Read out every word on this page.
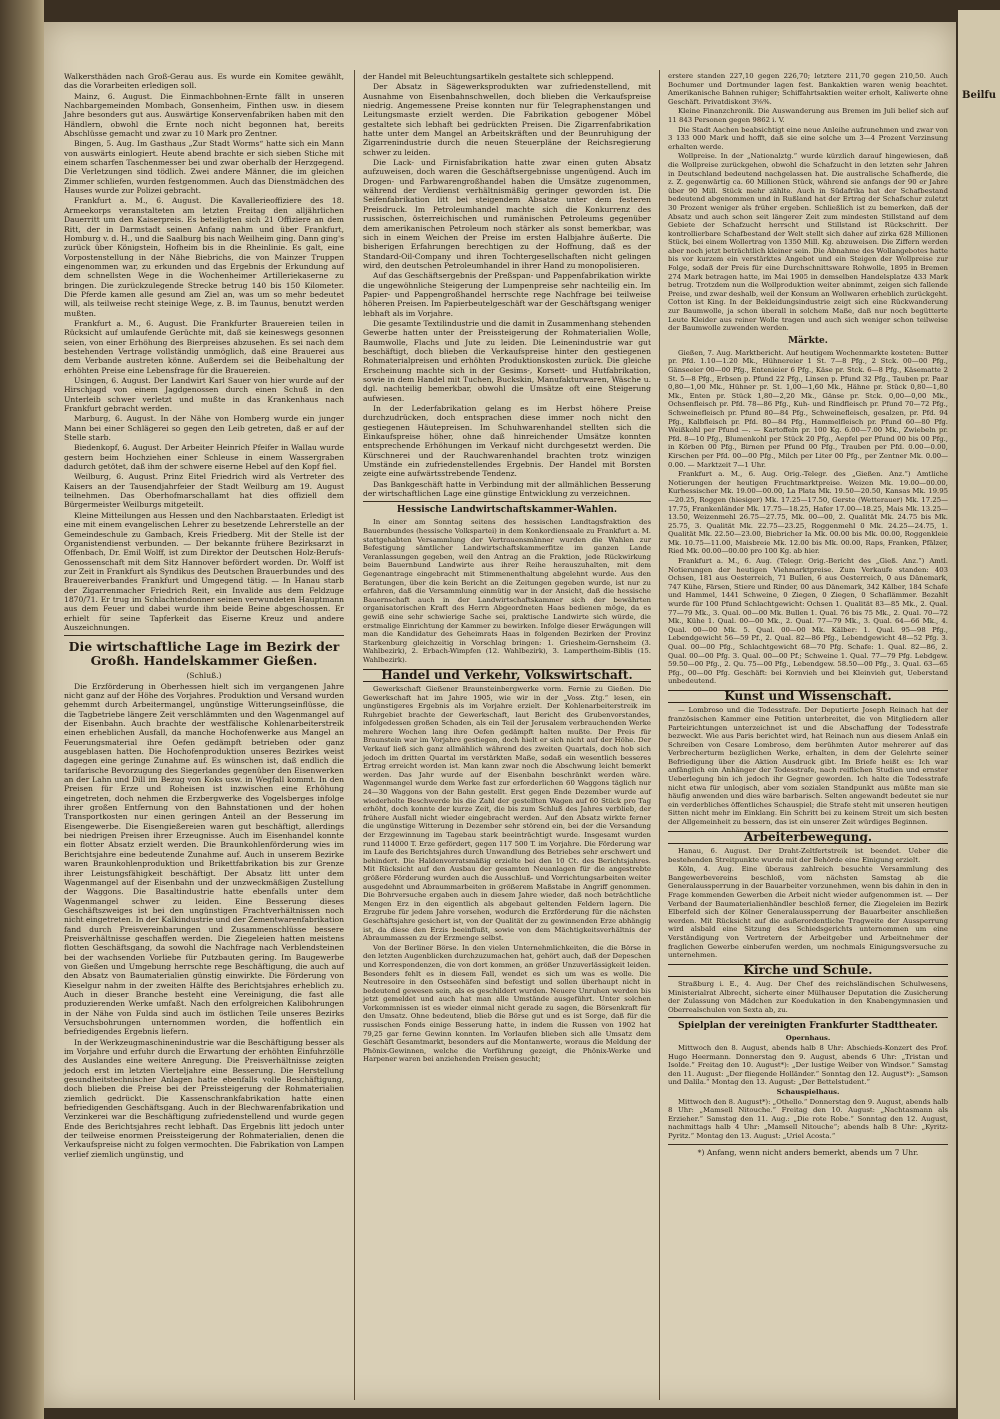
Walkersthäden nach Groß-Gerau aus. Es wurde ein Komitee gewählt, das die Vorarbeiten erledigen soll.

Mainz, 6. August. Die Einmachbohnen-Ernte fällt in unseren Nachbargemeinden Mombach, Gonsenheim, Finthen usw. in diesem Jahre besonders gut aus. Auswärtige Konservenfabriken haben mit den Händlern, obwohl die Ernte noch nicht begonnen hat, bereits Abschlüsse gemacht und zwar zu 10 Mark pro Zentner.

Bingen, 5. Aug. Im Gasthaus „Zur Stadt Worms“ hatte sich ein Mann von auswärts einlogiert. Heute abend brachte er sich sieben Stiche mit einem scharfen Taschenmesser bei und zwar oberhalb der Herzgegend. Die Verletzungen sind tödlich. Zwei andere Männer, die im gleichen Zimmer schliefen, wurden festgenommen. Auch das Dienstmädchen des Hauses wurde zur Polizei gebracht.

Frankfurt a. M., 6. August. Die Kavallerieoffiziere des 18. Armeekorps veranstalteten am letzten Freitag den alljährlichen Dauerritt um den Kaiserpreis. Es beteiligten sich 21 Offiziere an dem Ritt, der in Darmstadt seinen Anfang nahm und über Frankfurt, Homburg v. d. H., und die Saalburg bis nach Weilheim ging. Dann ging's zurück über Königstein, Hofheim bis in die Rheinlinie. Es galt, eine Vorpostenstellung in der Nähe Biebrichs, die von Mainzer Truppen eingenommen war, zu erkunden und das Ergebnis der Erkundung auf dem schnellsten Wege in die Wochenheimer Artilleriekaserne zu bringen. Die zurückzulegende Strecke betrug 140 bis 150 Kilometer. Die Pferde kamen alle gesund am Ziel an, was um so mehr bedeutet will, als teilweise recht steinige Wege, z. B. im Taunus, benutzt werden mußten.

Frankfurt a. M., 6. August. Die Frankfurter Brauereien teilen in Rücksicht auf umlaufende Gerüchte mit, daß sie keineswegs gesonnen seien, von einer Erhöhung des Bierpreises abzusehen. Es sei nach dem bestehenden Vertrage vollständig unmöglich, daß eine Brauerei aus dem Verbande austreten könne. Außerdem sei die Beibehaltung der erhöhten Preise eine Lebensfrage für die Brauereien.

Usingen, 6. August. Der Landwirt Karl Sauer von hier wurde auf der Hirschjagd von einem Jagdgenossen durch einen Schuß in den Unterleib schwer verletzt und mußte in das Krankenhaus nach Frankfurt gebracht werden.

Marburg, 6. August. In der Nähe von Homberg wurde ein junger Mann bei einer Schlägerei so gegen den Leib getreten, daß er auf der Stelle starb.

Biedenkopf, 6. August. Der Arbeiter Heinrich Pfeifer in Wallau wurde gestern beim Hochziehen einer Schleuse in einem Wassergraben dadurch getötet, daß ihm der schwere eiserne Hebel auf den Kopf fiel.

Weilburg, 6. August. Prinz Eitel Friedrich wird als Vertreter des Kaisers an der Tausendjahrfeier der Stadt Weilburg am 19. August teilnehmen. Das Oberhofmarschallamt hat dies offiziell dem Bürgermeister Weilburgs mitgeteilt.

Kleine Mitteilungen aus Hessen und den Nachbarstaaten. Erledigt ist eine mit einem evangelischen Lehrer zu besetzende Lehrerstelle an der Gemeindeschule zu Gambach, Kreis Friedberg. Mit der Stelle ist der Organistendienst verbunden. — Der bekannte frühere Bezirksarzt in Offenbach, Dr. Emil Wolff, ist zum Direktor der Deutschen Holz-Berufs-Genossenschaft mit dem Sitz Hannover befördert worden. Dr. Wolff ist zur Zeit in Frankfurt als Syndikus des Deutschen Brauerbundes und des Brauereiverbandes Frankfurt und Umgegend tätig. — In Hanau starb der Zigarrenmacher Friedrich Reit, ein Invalide aus dem Feldzuge 1870/71. Er trug im Schlachtendonner seinen verwundeten Hauptmann aus dem Feuer und dabei wurde ihm beide Beine abgeschossen. Er erhielt für seine Tapferkeit das Eiserne Kreuz und andere Auszeichnungen.

Die wirtschaftliche Lage im Bezirk der Großh. Handelskammer Gießen.

(Schluß.)

Die Erzförderung in Oberhessen hielt sich im vergangenen Jahre nicht ganz auf der Höhe des Vorjahres. Produktion und Versand wurden gehemmt durch Arbeitermangel, ungünstige Witterungseinflüsse, die die Tagbetriebe längere Zeit verschlämmten und den Wagenmangel auf der Eisenbahn. Auch brachte der westfälische Kohlenarbeiterstreik einen erheblichen Ausfall, da manche Hochofenwerke aus Mangel an Feuerungsmaterial ihre Oefen gedämpft betrieben oder ganz ausgeblasen hatten. Die Hochofenproduktion unseres Bezirkes weist dagegen eine geringe Zunahme auf. Es wünschen ist, daß endlich die tarifarische Bevorzugung des Siegerlandes gegenüber den Eisenwerken an der Lahn und Dill im Bezug von Koks usw. in Wegfall kommt. In den Preisen für Erze und Roheisen ist inzwischen eine Erhöhung eingetreten, doch nehmen die Erzbergwerke des Vogelsberges infolge ihrer großen Entfernung von den Bahnstationen und der hohen Transportkosten nur einen geringen Anteil an der Besserung im Eisengewerbe. Die Eisengießereien waren gut beschäftigt, allerdings bei niedrigen Preisen ihrer Erzeugnisse. Auch im Eisenhandel konnte ein flotter Absatz erzielt werden. Die Braunkohlenförderung wies im Berichtsjahre eine bedeutende Zunahme auf. Auch in unserem Bezirke waren Braunkohlenproduktion und Brikettfabrikation bis zur Grenze ihrer Leistungsfähigkeit beschäftigt. Der Absatz litt unter dem Wagenmangel auf der Eisenbahn und der unzweckmäßigen Zustellung der Waggons. Die Basaltindustrie hatte ebenfalls unter dem Wagenmangel schwer zu leiden. Eine Besserung dieses Geschäftszweiges ist bei den ungünstigen Frachtverhältnissen noch nicht eingetreten. In der Kalkindustrie und der Zementwarenfabrikation fand durch Preisvereinbarungen und Zusammenschlüsse bessere Preisverhältnisse geschaffen werden. Die Ziegeleien hatten meistens flotten Geschäftsgang, da sowohl die Nachfrage nach Verblendsteinen bei der wachsenden Vorliebe für Putzbauten gering. Im Baugewerbe von Gießen und Umgebung herrschte rege Beschäftigung, die auch auf den Absatz von Baumaterialien günstig einwirkte. Die Förderung von Kieselgur nahm in der zweiten Hälfte des Berichtsjahres erheblich zu. Auch in dieser Branche besteht eine Vereinigung, die fast alle produzierenden Werke umfaßt. Nach den erfolgreichen Kalibohrungen in der Nähe von Fulda sind auch im östlichen Teile unseres Bezirks Versuchsbohrungen unternommen worden, die hoffentlich ein befriedigendes Ergebnis liefern.

In der Werkzeugmaschinenindustrie war die Beschäftigung besser als im Vorjahre und erfuhr durch die Erwartung der erhöhten Einfuhrzölle des Auslandes eine weitere Anregung. Die Preisverhältnisse zeigten jedoch erst im letzten Vierteljahre eine Besserung. Die Herstellung gesundheitstechnischer Anlagen hatte ebenfalls volle Beschäftigung, doch blieben die Preise bei der Preissteigerung der Rohmaterialien ziemlich gedrückt. Die Kassenschrankfabrikation hatte einen befriedigenden Geschäftsgang. Auch in der Blechwarenfabrikation und Verzinkerei war die Beschäftigung zufriedenstellend und wurde gegen Ende des Berichtsjahres recht lebhaft. Das Ergebnis litt jedoch unter der teilweise enormen Preissteigerung der Rohmaterialien, denen die Verkaufspreise nicht zu folgen vermochten. Die Fabrikation von Lampen verlief ziemlich ungünstig, und

der Handel mit Beleuchtungsartikeln gestaltete sich schleppend.

Der Absatz in Sägewerksprodukten war zufriedenstellend, mit Ausnahme von Eisenbahnschwellen, doch blieben die Verkaufspreise niedrig. Angemessene Preise konnten nur für Telegraphenstangen und Leitungsmaste erzielt werden. Die Fabrikation gebogener Möbel gestaltete sich lebhaft bei gedrückten Preisen. Die Zigarrenfabrikation hatte unter dem Mangel an Arbeitskräften und der Beunruhigung der Zigarrenindustrie durch die neuen Steuerpläne der Reichsregierung schwer zu leiden.

Die Lack- und Firnisfabrikation hatte zwar einen guten Absatz aufzuweisen, doch waren die Geschäftsergebnisse ungenügend. Auch im Drogen- und Farbwarengroßhandel haben die Umsätze zugenommen, während der Verdienst verhältnismäßig geringer geworden ist. Die Seifenfabrikation litt bei steigendem Absatze unter dem festeren Preisdruck. Im Petroleumhandel machte sich die Konkurrenz des russischen, österreichischen und rumänischen Petroleums gegenüber dem amerikanischen Petroleum noch stärker als sonst bemerkbar, was sich in einem Weichen der Preise im ersten Halbjahre äußerte. Die bisherigen Erfahrungen berechtigen zu der Hoffnung, daß es der Standard-Oil-Company und ihren Tochtergesellschaften nicht gelingen wird, den deutschen Petroleumhandel in ihrer Hand zu monopolisieren.

Auf das Geschäftsergebnis der Preßspan- und Pappenfabrikation wirkte die ungewöhnliche Steigerung der Lumpenpreise sehr nachteilig ein. Im Papier- und Pappengroßhandel herrschte rege Nachfrage bei teilweise höheren Preisen. Im Papierbeutelgeschäft war der Geschäftsgang weniger lebhaft als im Vorjahre.

Die gesamte Textilindustrie und die damit in Zusammenhang stehenden Gewerbe hatten unter der Preissteigerung der Rohmaterialien Wolle, Baumwolle, Flachs und Jute zu leiden. Die Leinenindustrie war gut beschäftigt, doch blieben die Verkaufspreise hinter den gestiegenen Rohmaterialpreisen und erhöhten Produktionskosten zurück. Die gleiche Erscheinung machte sich in der Gesims-, Korsett- und Hutfabrikation, sowie in dem Handel mit Tuchen, Buckskin, Manufakturwaren, Wäsche u. dgl. nachteilig bemerkbar, obwohl die Umsätze oft eine Steigerung aufwiesen.

In der Lederfabrikation gelang es im Herbst höhere Preise durchzudrücken, doch entsprachen diese immer noch nicht den gestiegenen Häutepreisen. Im Schuhwarenhandel stellten sich die Einkaufspreise höher, ohne daß hinreichender Umsätze konnten entsprechende Erhöhungen im Verkauf nicht durchgesetzt werden. Die Kürschnerei und der Rauchwarenhandel brachten trotz winzigen Umstände ein zufriedenstellendes Ergebnis. Der Handel mit Borsten zeigte eine aufwärtsstrebende Tendenz.

Das Bankgeschäft hatte in Verbindung mit der allmählichen Besserung der wirtschaftlichen Lage eine günstige Entwicklung zu verzeichnen.

Hessische Landwirtschaftskammer-Wahlen.

In einer am Sonntag seitens des hessischen Landtagsfraktion des Bauernbundes (hessische Volkspartei) in dem Konkordiensaale zu Frankfurt a. M. stattgehabten Versammlung der Vertrauensmänner wurden die Wahlen zur Befestigung sämtlicher Landwirtschaftskammerfitze im ganzen Lande Veranlassungen gegeben, weil den Antrag an die Fraktion, jede Rückwirkung beim Bauernbund Landwirte aus ihrer Reihe herauszuhalten, mit dem Gegenantrage eingebracht mit Stimmenenthaltung abgelehnt wurde. Aus den Beratungen, über die kein Bericht an die Zeitungen gegeben wurde, ist nur zu erfahren, daß die Versammlung einmütig war in der Ansicht, daß die hessische Bauernschaft auch in der Landwirtschaftskammer sich der bewährten organisatorischen Kraft des Herrn Abgeordneten Haas bedienen möge, da es gewiß eine sehr schwierige Sache sei, praktische Landwirte sich würde, die erstmalige Einrichtung der Kammer zu bewirken. Infolge dieser Erwägungen will man die Kandidatur des Geheimrats Haas in folgenden Bezirken der Provinz Starkenburg gleichzeitig in Vorschlag bringen: 1. Griesheim-Gernsheim (3. Wahlbezirk), 2. Erbach-Wimpfen (12. Wahlbezirk), 3. Lampertheim-Biblis (15. Wahlbezirk).

Handel und Verkehr, Volkswirtschaft.

Gewerkschaft Gießener Braunsteinbergwerke vorm. Fernie zu Gießen. Die Gewerkschaft hat im Jahre 1905, wie wir in der „Voss. Ztg.“ lesen, ein ungünstigeres Ergebnis als im Vorjahre erzielt. Der Kohlenarbeiterstreik im Ruhrgebiet brachte der Gewerkschaft, laut Bericht des Grubenvorstandes, infolgedessen großen Schaden, als ein Teil der Jerusalem verbrauchenden Werke mehrere Wochen lang ihre Oefen gedämpft halten mußte. Der Preis für Braunstein war im Vorjahre gestiegen, doch hielt er sich nicht auf der Höhe. Der Verkauf ließ sich ganz allmählich während des zweiten Quartals, doch hob sich jedoch im dritten Quartal im verstärkten Maße, sodaß ein wesentlich besseres Ertrag erreicht worden ist. Man kann zwar noch die Abschwung leicht bemerkt werden. Das Jahr wurde auf der Eisenbahn beschränkt werden wäre. Wagenmangel wurde dem Werke fast zur erforderlichen 60 Waggons täglich nur 24—30 Waggons von der Bahn gestellt. Erst gegen Ende Dezember wurde auf wiederholte Beschwerde bis die Zahl der gestellten Wagen auf 60 Stück pro Tag erhöht, doch konnte der kurze Zeit, die bis zum Schluß des Jahres verblieb, der frühere Ausfall nicht wieder eingebracht werden. Auf den Absatz wirkte ferner die ungünstige Witterung in Dezember sehr störend ein, bei der die Versandung der Erzgewinnung im Tagebau stark beeinträchtigt wurde. Insgesamt wurden rund 114000 T. Erze gefördert, gegen 117 500 T. im Vorjahre. Die Förderung war im Laufe des Berichtsjahres durch Unwandlung des Betriebes sehr erschwert und behindert. Die Haldenvorratsmäßig erzielte bei den 10 Ct. des Berichtsjahres. Mit Rücksicht auf den Ausbau der gesamten Neuanlagen für die angestrebte größere Förderung wurden auch die Ausschluß- und Vorrichtungsarbeiten weiter ausgedehnt und Abraummarbeiten in größerem Maßstabe in Angriff genommen. Die Bohrversuche ergaben auch in diesem Jahre wieder, daß noch beträchtliche Mengen Erz in den eigentlich als abgebaut geltenden Feldern lagern. Die Erzgrube für jedem Jahre vorsehen, wodurch die Erzförderung für die nächsten Geschäftsjahre gesichert ist, von der Qualität der zu gewinnenden Erze abhängig ist, da diese den Erzis beeinflußt, sowie von dem Mächtigkeitsverhältnis der Abraummassen zu der Erzmenge selbst.

Von der Berliner Börse. In den vielen Unternehmlichkeiten, die die Börse in den letzten Augenblicken durchzuzumachen hat, gehört auch, daß der Depeschen und Korrespondenzen, die von dort kommen, an größer Unzuverlässigkeit leiden. Besonders fehlt es in diesem Fall, wendet es sich um was es wolle. Die Neutresoire in den Ostseehäfen sind befestigt und sollen überhaupt nicht in bedeutend gewesen sein, als es geschildert wurden. Neuere Unruhen werden bis jetzt gemeldet und auch hat man alle Umstände ausgeführt. Unter solchen Vorkommnissen ist es wieder einmal nicht gerade zu sagen, die Börsenkraft für den Umsatz. Ohne bedeutend, blieb die Börse gut und es ist Sorge, daß für die russischen Fonds einige Besserung hatte, in indem die Russen von 1902 hat 79,25 gar ferne Gewinn konnten. Im Vorlaufen blieben sich alle Umsatz dem Geschäft Gesamtmarkt, besonders auf die Montanwerte, woraus die Meldung der Phönix-Gewinnen, welche die Vorführung gezeigt, die Phönix-Werke und Harpener waren bei anziehenden Preisen gesucht;

erstere standen 227,10 gegen 226,70; letztere 211,70 gegen 210,50. Auch Bochumer und Dortmunder lagen fest. Bankaktien waren wenig beachtet. Amerikanische Bahnen ruhiger; Schiffahrtsaktien weiter erholt, Kaliwerte ohne Geschäft. Privatdiskont 3⅝%.

Kleine Finanzchronik. Die Auswanderung aus Bremen im Juli belief sich auf 11 843 Personen gegen 9862 i. V.

Die Stadt Aachen beabsichtigt eine neue Anleihe aufzunehmen und zwar von 3 133 000 Mark und hofft, daß sie eine solche um 3—4 Prozent Verzinsung erhalten werde.

Wollpreise. In der „Nationalztg.“ wurde kürzlich darauf hingewiesen, daß die Wollpreise zurückgehen, obwohl die Schafzucht in den letzten sehr Jahren in Deutschland bedeutend nachgelassen hat. Die australische Schafherde, die z. Z. gegenwärtig ca. 60 Millionen Stück, während sie anfangs der 90 er Jahre über 90 Mill. Stück mehr zählte. Auch in Südafrika hat der Schafbestand bedeutend abgenommen und in Rußland hat der Ertrag der Schafschur zuletzt 30 Prozent weniger als früher ergeben. Schließlich ist zu bemerken, daß der Absatz und auch schon seit längerer Zeit zum mindesten Stillstand auf dem Gebiete der Schafzucht herrscht und Stillstand ist Rückschritt. Der kontrollierbare Schafbestand der Welt stellt sich daher auf zirka 628 Millionen Stück, bei einem Wollertrag von 1350 Mill. Kg. abzuweisen. Die Ziffern werden aber noch jetzt beträchtlich kleiner sein. Die Abnahme des Wollangebotes hatte bis vor kurzem ein verstärktes Angebot und ein Steigen der Wollpreise zur Folge, sodaß der Preis für eine Durchschnittsware Rohwolle, 1895 in Bremen 274 Mark betragen hatte, im Mai 1905 in demselben Handelsplatze 433 Mark betrug. Trotzdem nun die Wollproduktion weiter abnimmt, zeigen sich fallende Preise, und zwar deshalb, weil der Konsum an Wollwaren erheblich zurückgeht. Cotton ist King. In der Bekleidungsindustrie zeigt sich eine Rückwanderung zur Baumwolle, ja schon überall in solchem Maße, daß nur noch begütterte Leute Kleider aus reiner Wolle tragen und auch sich weniger schon teilweise der Baumwolle zuwenden werden.

Märkte.

Gießen, 7. Aug. Marktbericht. Auf heutigem Wochenmarkte kosteten: Butter pr. Pfd. 1.10—1.20 Mk., Hühnereier 1 St. 7—8 Pfg., 2 Stck. 00—00 Pfg., Gänseeier 00—00 Pfg., Entenieier 6 Pfg., Käse pr. Stck. 6—8 Pfg., Käsematte 2 St. 5—8 Pfg., Erbsen p. Pfund 22 Pfg., Linsen p. Pfund 32 Pfg., Tauben pr. Paar 0,80—1,00 Mk., Hühner pr. St. 1,00—1,60 Mk., Hähne pr. Stück 0,80—1,80 Mk., Enten pr. Stück 1,80—2,20 Mk., Gänse pr. Stck. 0,00—0,00 Mk., Ochsenfleisch pr. Pfd. 78—86 Pfg., Kuh- und Rindfleisch pr. Pfund 70—72 Pfg., Schweinefleisch pr. Pfund 80—84 Pfg., Schweinefleisch, gesalzen, pr. Pfd. 94 Pfg., Kalbfleisch pr. Pfd. 80—84 Pfg., Hammelfleisch pr. Pfund 60—80 Pfg. Weißkohl per Pfund —. — Kartoffeln pr. 100 Kg. 6.00—7.00 Mk., Zwiebeln pr. Pfd. 8—10 Pfg., Blumenkohl per Stück 20 Pfg., Aepfel per Pfund 00 bis 00 Pfg., in Körben 00 Pfg., Birnen per Pfund 00 Pfg., Trauben per Pfd. 0.00—0.00, Kirschen per Pfd. 00—00 Pfg., Milch per Liter 00 Pfg., per Zentner Mk. 0.00—0.00. — Marktzeit 7—1 Uhr.

Frankfurt a. M., 6. Aug. Orig.-Telegr. des „Gießen. Anz.“) Amtliche Notierungen der heutigen Fruchtmarktpreise. Weizen Mk. 19.00—00.00, Kurhessischer Mk. 19.00—00.00, La Plata Mk. 19.50—20.50, Kansas Mk. 19.95—20.25, Roggen (hiesiger) Mk. 17.25—17.50, Gerste (Wetterauer) Mk. 17.25—17.75, Frankenländer Mk. 17.75—18.25, Hafer 17.00—18.25, Mais Mk. 13.25—13.50, Weizenmehl 26.75—27.75, Mk. 00—00, 2. Qualität Mk. 24.75 bis Mk. 25.75, 3. Qualität Mk. 22.75—23.25, Roggenmehl 0 Mk. 24.25—24.75, 1. Qualität Mk. 22.50—23.00, Biebricher Ia Mk. 00.00 bis Mk. 00.00, Roggenkleie Mk. 10.75—11.00, Maisbreie Mk. 12.00 bis Mk. 00.00, Raps, Franken, Pfälzer, Ried Mk. 00.00—00.00 pro 100 Kg. ab hier.

Frankfurt a. M., 6. Aug. (Telegr. Orig.-Bericht des „Gieß. Anz.“) Amtl. Notierungen der heutigen Viehmarktpreise. Zum Verkaufe standen: 403 Ochsen, 181 aus Oesterreich, 71 Bullen, 6 aus Oesterreich, 0 aus Dänemark, 747 Kühe, Färsen, Stiere und Rinder, 00 aus Dänemark, 342 Kälber, 184 Schafe und Hammel, 1441 Schweine, 0 Ziegen, 0 Ziegen, 0 Schaflämmer. Bezahlt wurde für 100 Pfund Schlachtgewicht: Ochsen 1. Qualität 83—85 Mk., 2. Qual. 77—79 Mk., 3. Qual. 00—00 Mk. Bullen 1. Qual. 76 bis 75 Mk., 2. Qual. 70—72 Mk., Kühe 1. Qual. 00—00 Mk., 2. Qual. 77—79 Mk., 3. Qual. 64—66 Mk., 4. Qual. 00—00 Mk. 5. Qual. 00—00 Mk. Kälber: 1. Qual. 95—98 Pfg., Lebendgewicht 56—59 Pf., 2. Qual. 82—86 Pfg., Lebendgewicht 48—52 Pfg. 3. Qual. 00—00 Pfg., Schlachtgewicht 68—70 Pfg. Schafe: 1. Qual. 82—86, 2. Qual. 00—00 Pfg. 3. Qual. 00—00 Pf.; Schweine 1. Qual. 77—79 Pfg. Lebdgew. 59.50—00 Pfg., 2. Qu. 75—00 Pfg., Lebendgew. 58.50—00 Pfg., 3. Qual. 63—65 Pfg., 00—00 Pfg. Geschäft: bei Kornvieh und bei Kleinvieh gut, Ueberstand unbedeutend.

Kunst und Wissenschaft.

— Lombroso und die Todesstrafe. Der Deputierte Joseph Reinach hat der französischen Kammer eine Petition unterbreitet, die von Mitgliedern aller Parteirichtungen unterzeichnet ist und die Abschaffung der Todesstrafe bezweckt. Wie aus Paris berichtet wird, hat Reinach nun aus diesem Anlaß ein Schreiben von Cesare Lombroso, dem berühmten Autor mehrerer auf das Verbrecherturm bezüglichen Werke, erhalten, in dem der Gelehrte seiner Befriedigung über die Aktion Ausdruck gibt. Im Briefe heißt es: Ich war anfänglich ein Anhänger der Todesstrafe, nach reiflichen Studien und ernster Ueberlegung bin ich jedoch ihr Gegner geworden. Ich halte die Todesstrafe nicht etwa für unlogisch, aber vom sozialen Standpunkt aus müßte man sie häufig anwenden und dies wäre barbarisch. Selten angewandt bedeutet sie nur ein verderbliches öffentliches Schauspiel; die Strafe steht mit unseren heutigen Sitten nicht mehr im Einklang. Ein Schritt bei zu keinem Streit um sich besten der Allgemeinheit zu bessern, das ist ein unserer Zeit würdiges Beginnen.

Arbeiterbewegung.

Hanau, 6. August. Der Draht-Zeltfertstreik ist beendet. Ueber die bestehenden Streitpunkte wurde mit der Behörde eine Einigung erzielt.

Köln, 4. Aug. Eine überaus zahlreich besuchte Versammlung des Bangewerbevereins beschloß, vom nächsten Samstag ab die Generalaussperrung in der Bauarbeiter vorzunehmen, wenn bis dahin in den in Frage kommenden Gewerben die Arbeit nicht wieder aufgenommen ist. — Der Verband der Baumaterialienhändler beschloß ferner, die Ziegeleien im Bezirk Elberfeld sich der Kölner Generalaussperrung der Bauarbeiter anschließen werden. Mit Rücksicht auf die außerordentliche Tragweite der Aussperrung wird alsbald eine Sitzung des Schiedsgerichts unternommen um eine Verständigung von Vertretern der Arbeitgeber und Arbeitnehmer der fraglichen Gewerbe einberufen werden, um nochmals Einigungsversuche zu unternehmen.

Kirche und Schule.

Straßburg i. E., 4. Aug. Der Chef des reichsländischen Schulwesens, Ministerialrat Albrecht, sicherte einer Mülhauser Deputation die Zusicherung der Zulassung von Mädchen zur Koedukation in den Knabengymnasien und Oberrealschulen von Sexta ab, zu.

Spielplan der vereinigten Frankfurter Stadttheater.

Opernhaus.

Mittwoch den 8. August, abends halb 8 Uhr: Abschieds-Konzert des Prof. Hugo Heermann. Donnerstag den 9. August, abends 6 Uhr: „Tristan und Isolde.“ Freitag den 10. August*): „Der lustige Weiber von Windsor.“ Samstag den 11. August: „Der fliegende Holländer.“ Sonntag den 12. August*): „Samson und Dalila.“ Montag den 13. August: „Der Bettelstudent.“

Schauspielhaus.

Mittwoch den 8. August*): „Othello.“ Donnerstag den 9. August, abends halb 8 Uhr: „Mamsell Nitouche.“ Freitag den 10. August: „Nachtasmann als Erzieher.“ Samstag den 11. Aug.: „Die rote Robe.“ Sonntag den 12. August, nachmittags halb 4 Uhr: „Mamsell Nitouche“; abends halb 8 Uhr: „Kyritz-Pyritz.“ Montag den 13. August: „Uriel Acosta.“

*) Anfang, wenn nicht anders bemerkt, abends um 7 Uhr.

Beilfu
